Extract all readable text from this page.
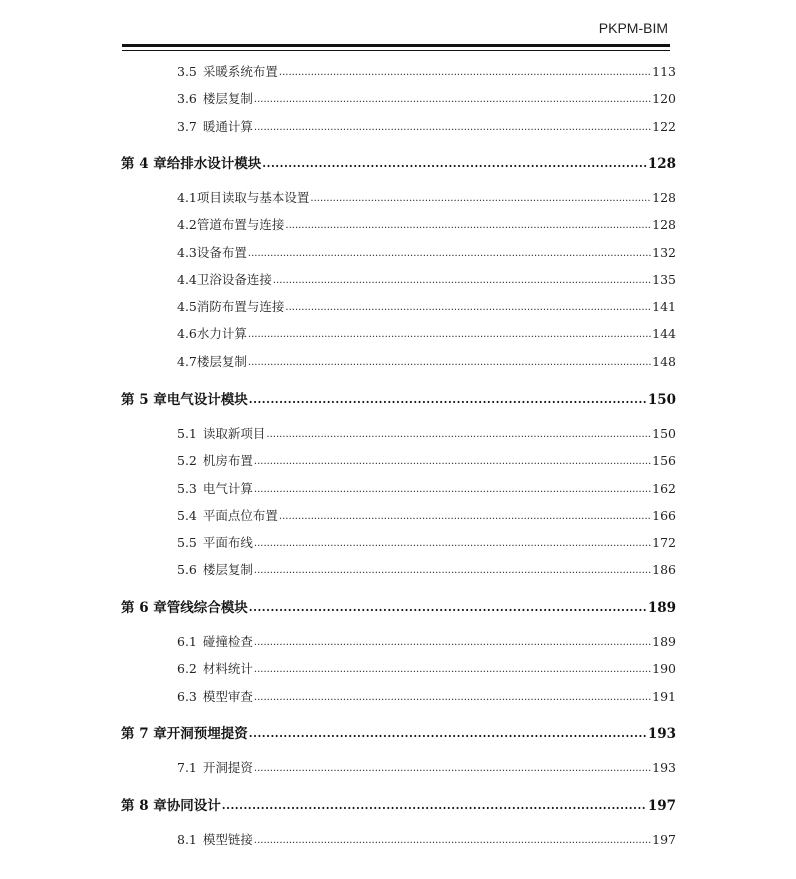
PKPM-BIM
3.5 采暖系统布置 .....	113
3.6 楼层复制 .....	120
3.7 暖通计算 .....	122
第 4 章 给排水设计模块 .....	128
4.1 项目读取与基本设置 .....	128
4.2 管道布置与连接 .....	128
4.3 设备布置 .....	132
4.4 卫浴设备连接 .....	135
4.5 消防布置与连接 .....	141
4.6 水力计算 .....	144
4.7 楼层复制 .....	148
第 5 章 电气设计模块 .....	150
5.1 读取新项目 .....	150
5.2 机房布置 .....	156
5.3 电气计算 .....	162
5.4 平面点位布置 .....	166
5.5 平面布线 .....	172
5.6 楼层复制 .....	186
第 6 章 管线综合模块 .....	189
6.1 碰撞检查 .....	189
6.2 材料统计 .....	190
6.3 模型审查 .....	191
第 7 章 开洞预埋提资 .....	193
7.1 开洞提资 .....	193
第 8 章 协同设计 .....	197
8.1 模型链接 .....	197
